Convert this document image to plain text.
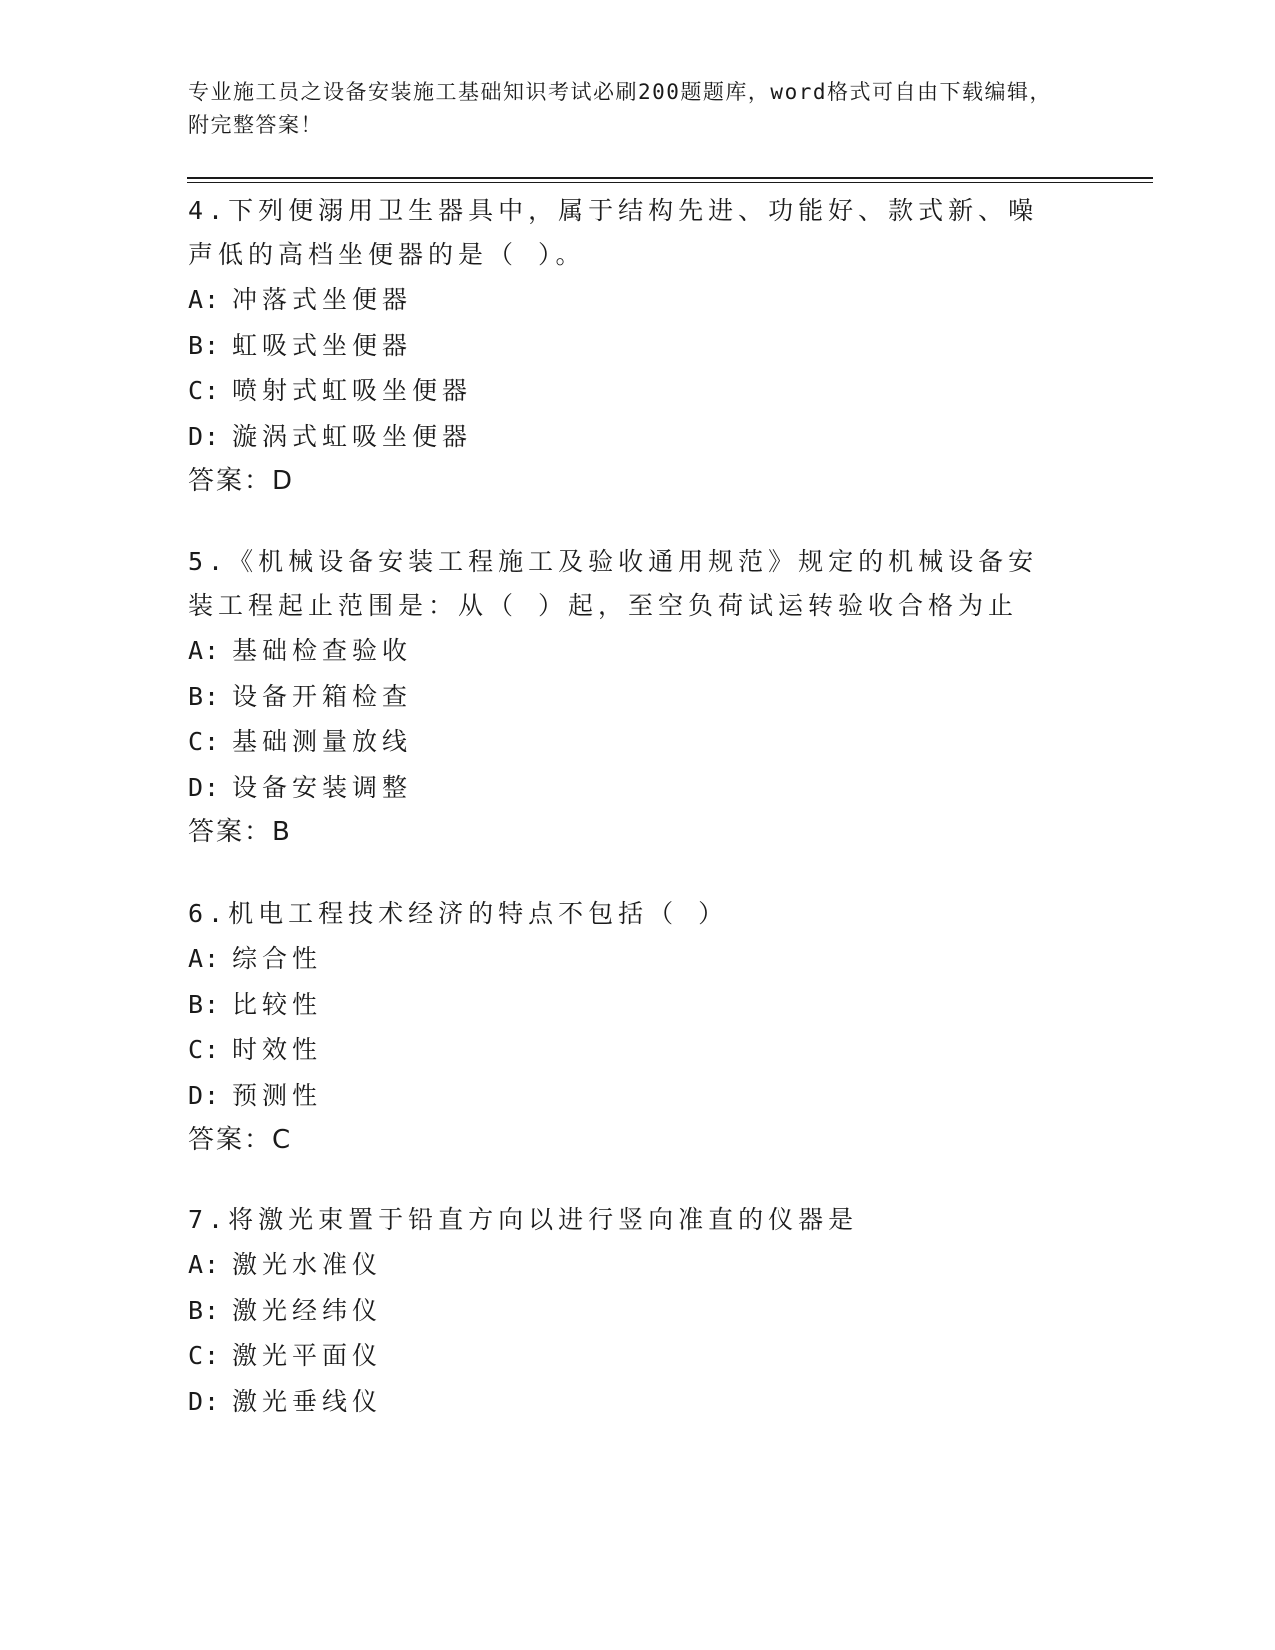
专业施工员之设备安装施工基础知识考试必刷200题题库，word格式可自由下载编辑，附完整答案！
4.下列便溺用卫生器具中，属于结构先进、功能好、款式新、噪声低的高档坐便器的是（ ）。
A: 冲落式坐便器
B: 虹吸式坐便器
C: 喷射式虹吸坐便器
D: 漩涡式虹吸坐便器
答案：D
5.《机械设备安装工程施工及验收通用规范》规定的机械设备安装工程起止范围是：从（ ）起，至空负荷试运转验收合格为止
A: 基础检查验收
B: 设备开箱检查
C: 基础测量放线
D: 设备安装调整
答案：B
6.机电工程技术经济的特点不包括（ ）
A: 综合性
B: 比较性
C: 时效性
D: 预测性
答案：C
7.将激光束置于铅直方向以进行竖向准直的仪器是
A: 激光水准仪
B: 激光经纬仪
C: 激光平面仪
D: 激光垂线仪
